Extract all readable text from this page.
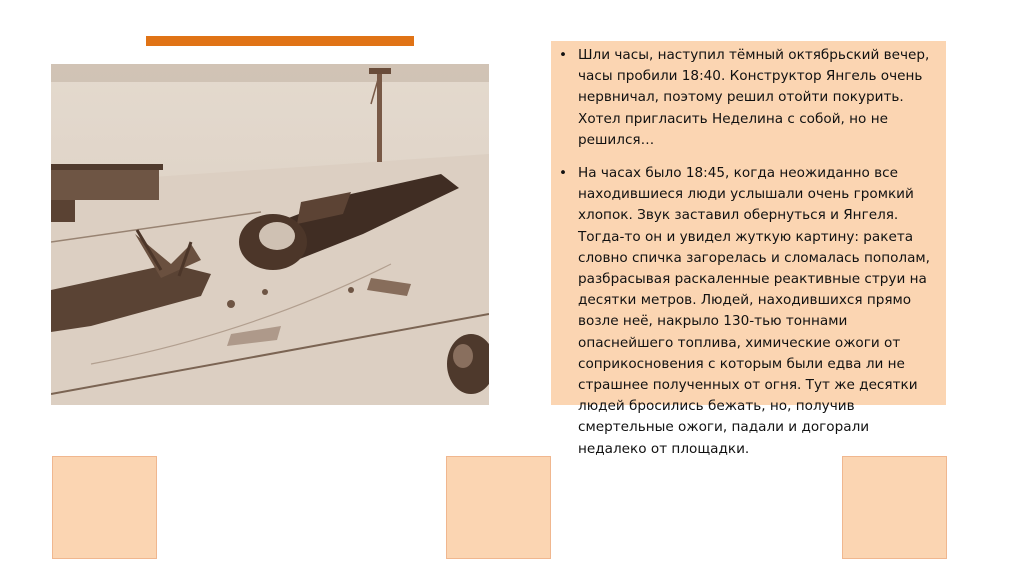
• Шли часы, наступил тёмный октябрьский вечер, часы пробили 18:40. Конструктор Янгель очень нервничал, поэтому решил отойти покурить. Хотел пригласить Неделина с собой, но не решился…
• На часах было 18:45, когда неожиданно все находившиеся люди услышали очень громкий хлопок. Звук заставил обернуться и Янгеля. Тогда-то он и увидел жуткую картину: ракета словно спичка загорелась и сломалась пополам, разбрасывая раскаленные реактивные струи на десятки метров. Людей, находившихся прямо возле неё, накрыло 130-тью тоннами опаснейшего топлива, химические ожоги от соприкосновения с которым были едва ли не страшнее полученных от огня. Тут же десятки людей бросились бежать, но, получив смертельные ожоги, падали и догорали недалеко от площадки.
